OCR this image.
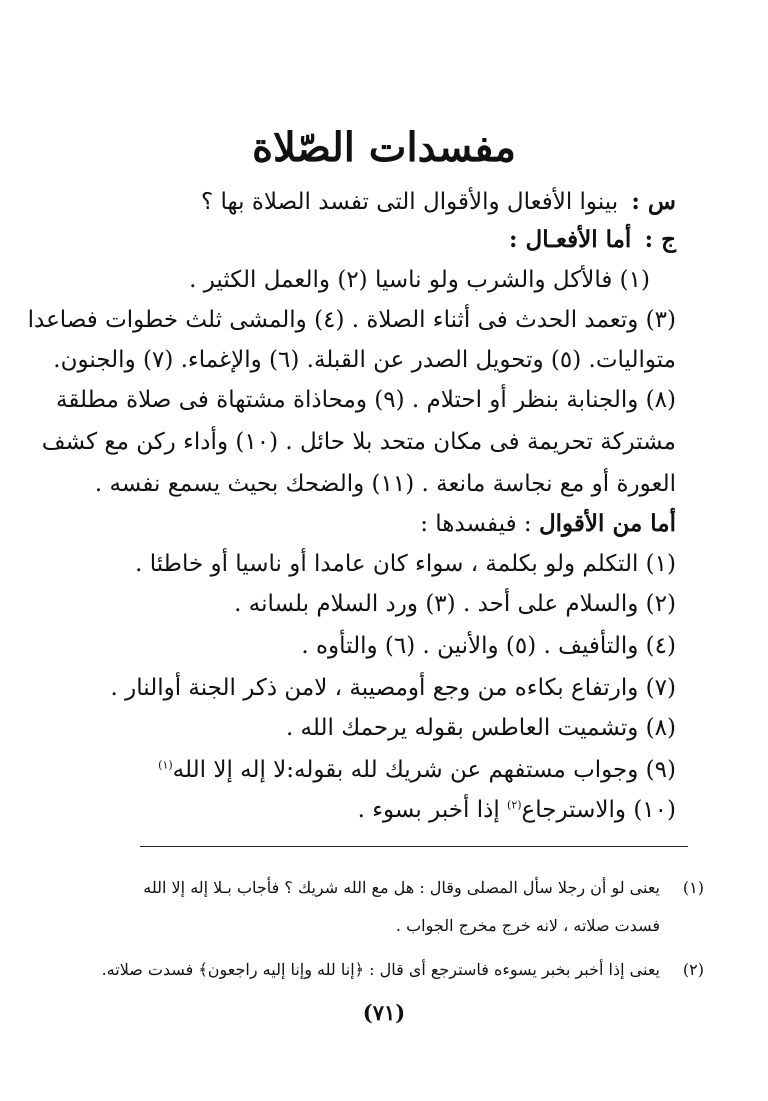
مفسدات الصّلاة
س : بينوا الأفعال والأقوال التى تفسد الصلاة بها ؟
ج : أما الأفعـال :
(١) فالأكل والشرب ولو ناسيا (٢) والعمل الكثير .
(٣) وتعمد الحدث فى أثناء الصلاة . (٤) والمشى ثلث خطوات فصاعدا
متواليات. (٥) وتحويل الصدر عن القبلة. (٦) والإغماء. (٧) والجنون.
(٨) والجنابة بنظر أو احتلام . (٩) ومحاذاة مشتهاة فى صلاة مطلقة
مشتركة تحريمة فى مكان متحد بلا حائل . (١٠) وأداء ركن مع كشف
العورة أو مع نجاسة مانعة . (١١) والضحك بحيث يسمع نفسه .
أما من الأقوال : فيفسدها :
(١) التكلم ولو بكلمة ، سواء كان عامدا أو ناسيا أو خاطئا .
(٢) والسلام على أحد . (٣) ورد السلام بلسانه .
(٤) والتأفيف . (٥) والأنين . (٦) والتأوه .
(٧) وارتفاع بكاءه من وجع أومصيبة ، لامن ذكر الجنة أوالنار .
(٨) وتشميت العاطس بقوله يرحمك الله .
(٩) وجواب مستفهم عن شريك لله بقوله:لا إله إلا الله$^{(١)}$
(١٠) والاسترجاع$^{(٢)}$ إذا أخبر بسوء .
(١)يعنى لو أن رجلا سأل المصلى وقال : هل مع الله شريك ؟ فأجاب بـلا إله إلا الله
فسدت صلاته ، لانه خرج مخرج الجواب .
(٢)يعنى إذا أخبر بخبر يسوءه فاسترجع أى قال : ﴿إنا لله وإنا إليه راجعون﴾ فسدت صلاته.
(٧١)
